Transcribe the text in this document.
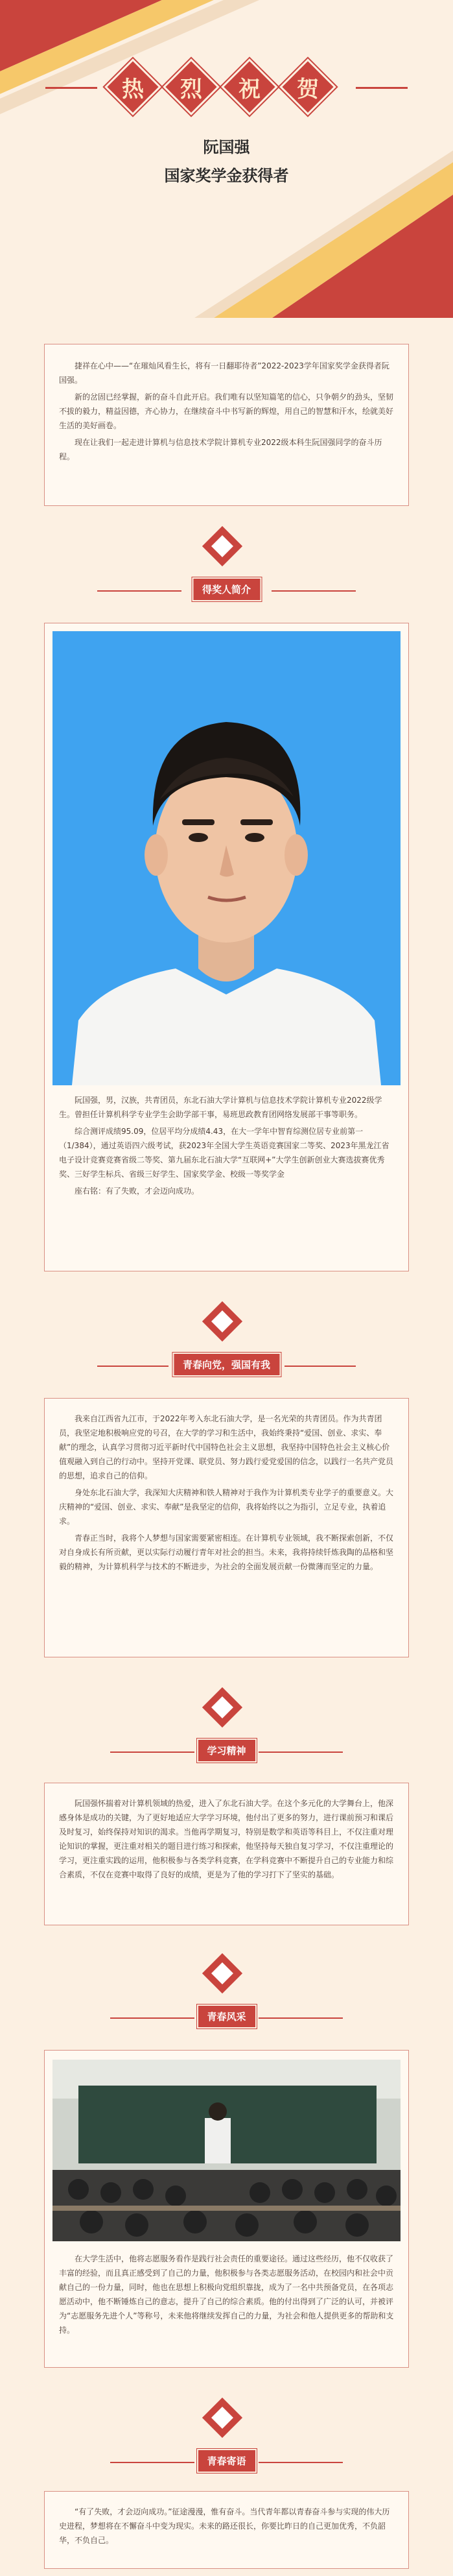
热	烈	祝	贺
阮国强
国家奖学金获得者

捷祥在心中——“在璀灿风看生长，将有一日翻耶待者”2022-2023学年国家奖学金获得者阮国强。

新的岔固已经掌握，新的奋斗自此开启。我们唯有以坚知篇笔的信心，只争朝夕的劲头，坚韧不拔的毅力，精益因德，齐心协力，在继续奋斗中书写新的辉煌，用自己的智慧和汗水，绘就美好生活的美好画卷。

现在让我们一起走进计算机与信息技术学院计算机专业2022级本科生阮国强同学的奋斗历程。

得奖人简介

阮国强，男，汉族，共青团员，东北石油大学计算机与信息技术学院计算机专业2022级学生。曾担任计算机科学专业学生会助学部干事，易班思政教育团网络发展部干事等职务。

综合测评成绩95.09，位居平均分成绩4.43，在大一学年中智育综测位居专业前第一（1/384），通过英语四六级考试，获2023年全国大学生英语竞赛国家二等奖、2023年黑龙江省电子设计竞赛竞赛省级二等奖、第九届东北石油大学“互联网+”大学生创新创业大赛选拔赛优秀奖、三好学生标兵、省级三好学生、国家奖学金、校级一等奖学金

座右铭：有了失败，才会迈向成功。

青春向党，强国有我

我来自江西省九江市，于2022年考入东北石油大学，是一名光荣的共青团员。作为共青团员，我坚定地积极响应党的号召，在大学的学习和生活中，我始终秉持“爱国、创业、求实、奉献”的理念，认真学习贯彻习近平新时代中国特色社会主义思想，我坚持中国特色社会主义核心价值观融入到自己的行动中。坚持开党课、联党员、努力践行爱党爱国的信念，以践行一名共产党员的思想，追求自己的信仰。

身处东北石油大学，我深知大庆精神和铁人精神对于我作为计算机类专业学子的重要意义。大庆精神的“爱国、创业、求实、奉献”是我坚定的信仰，我将始终以之为指引，立足专业，执着追求。

青春正当时，我将个人梦想与国家需要紧密相连。在计算机专业领域，我不断探索创新，不仅对自身成长有所贡献，更以实际行动履行青年对社会的担当。未来，我将持续钎炼我陶的品格和坚毅的精神，为计算机科学与技术的不断进步，为社会的全面发展贡献一份微薄而坚定的力量。

学习精神

阮国强怀揣着对计算机领域的热爱，进入了东北石油大学。在这个多元化的大学舞台上，他深感身体是成功的关键，为了更好地适应大学学习环境，他付出了更多的努力，进行课前预习和课后及时复习，始终保持对知识的渴求。当他再学期复习，特别是数学和英语等科目上，不仅注重对理论知识的掌握，更注重对相关的题目进行练习和探索，他坚持每天独自复习学习，不仅注重理论的学习，更注重实践的运用，他积极参与各类学科竞赛，在学科竞赛中不断提升自己的专业能力和综合素质，不仅在竞赛中取得了良好的成绩，更是为了他的学习打下了坚实的基础。

青春风采

在大学生活中，他将志愿服务看作是践行社会责任的重要途径。通过这些经历，他不仅收获了丰富的经验，而且真正感受到了自己的力量，他积极参与各类志愿服务活动，在校园内和社会中贡献自己的一份力量，同时，他也在思想上积极向党组织靠拢，成为了一名中共预备党员，在各项志愿活动中，他不断锤炼自己的意志，提升了自己的综合素质。他的付出得到了广泛的认可，并被评为“志愿服务先进个人”等称号，未来他将继续发挥自己的力量，为社会和他人提供更多的帮助和支持。

青春寄语

“有了失败，才会迈向成功。”征途漫漫，惟有奋斗。当代青年都以青春奋斗参与实现的伟大历史进程，梦想将在不懈奋斗中变为现实。未来的路还很长，你要比昨日的自己更加优秀，不负韶华，不负自己。
